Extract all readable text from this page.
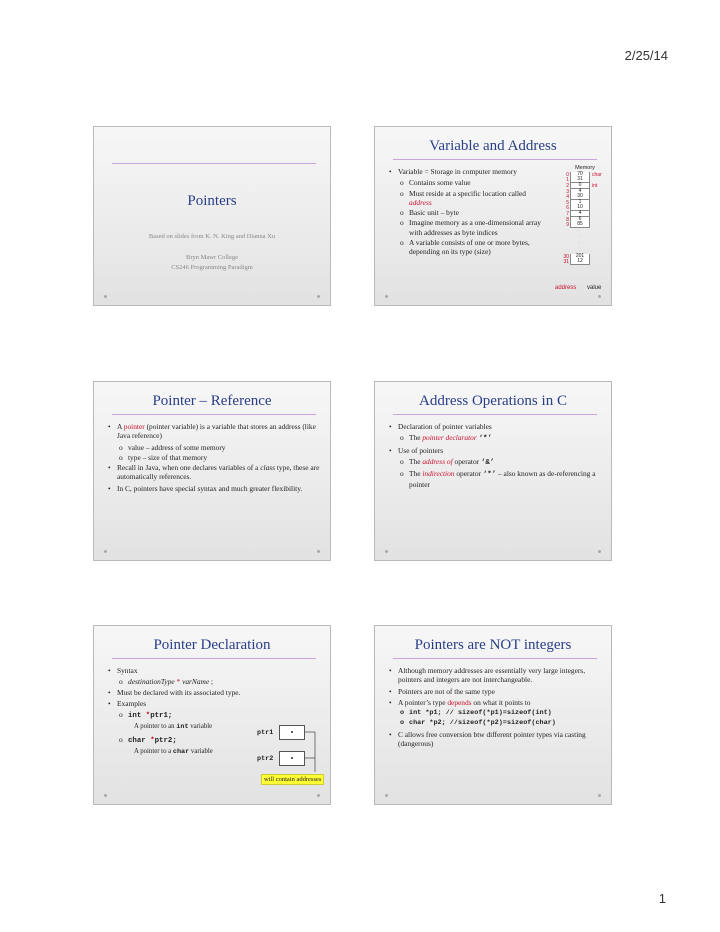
2/25/14
Pointers
Based on slides from K. N. King and Dianna Xu
Bryn Mawr College
CS246 Programming Paradigm
Variable and Address
• Variable = Storage in computer memory
o Contains some value
o Must reside at a specific location called address
o Basic unit – byte
o Imagine memory as a one-dimensional array with addresses as byte indices
o A variable consists of one or more bytes, depending on its type (size)
Memory
0	70	char
1	31
2	0	int
3	4
4	30
5	1
6	10
7	4
8	6
9	85
·
·
·
30	201
31	12
address value
Pointer – Reference
• A pointer (pointer variable) is a variable that stores an address (like Java reference)
o value – address of some memory
o type – size of that memory
• Recall in Java, when one declares variables of a class type, these are automatically references.
• In C, pointers have special syntax and much greater flexibility.
Address Operations in C
• Declaration of pointer variables
o The pointer declarator ‘*’
• Use of pointers
o The address of operator ‘&’
o The indirection operator ‘*’ – also known as de-referencing a pointer
Pointer Declaration
• Syntax
o destinationType * varName ;
• Must be declared with its associated type.
• Examples
o int *ptr1;
A pointer to an int variable
o char *ptr2;
A pointer to a char variable
ptr1	•
ptr2	•
will contain addresses
Pointers are NOT integers
• Although memory addresses are essentially very large integers, pointers and integers are not interchangeable.
• Pointers are not of the same type
• A pointer’s type depends on what it points to
o int *p1; // sizeof(*p1)=sizeof(int)
o char *p2; //sizeof(*p2)=sizeof(char)
• C allows free conversion btw different pointer types via casting (dangerous)
1
